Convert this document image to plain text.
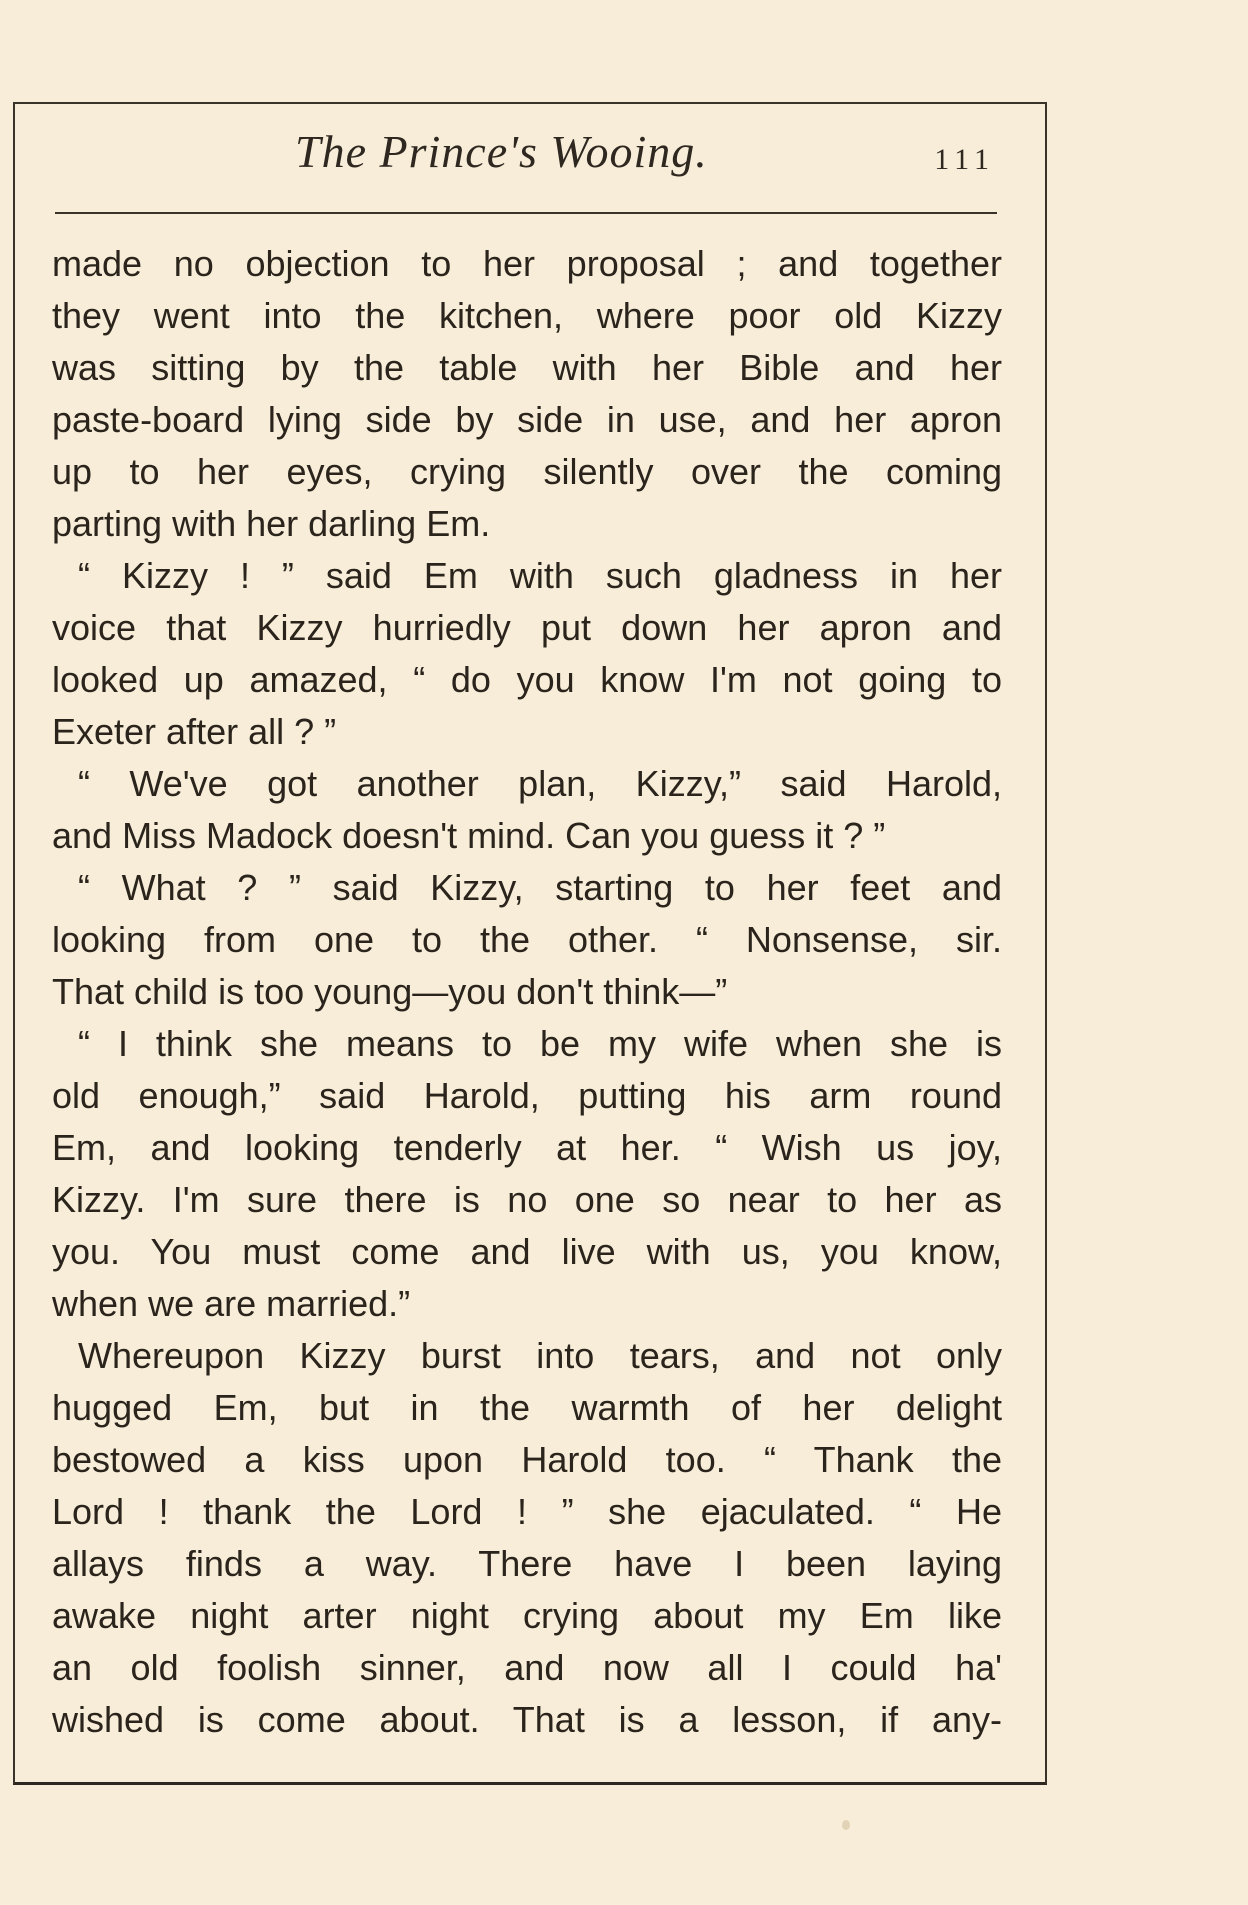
The Prince's Wooing.	111
made no objection to her proposal ; and together
they went into the kitchen, where poor old Kizzy
was sitting by the table with her Bible and her
paste-board lying side by side in use, and her apron
up to her eyes, crying silently over the coming
parting with her darling Em.
“ Kizzy ! ” said Em with such gladness in her
voice that Kizzy hurriedly put down her apron and
looked up amazed, “ do you know I'm not going to
Exeter after all ? ”
“ We've got another plan, Kizzy,” said Harold,
and Miss Madock doesn't mind. Can you guess it ? ”
“ What ? ” said Kizzy, starting to her feet and
looking from one to the other. “ Nonsense, sir.
That child is too young—you don't think—”
“ I think she means to be my wife when she is
old enough,” said Harold, putting his arm round
Em, and looking tenderly at her. “ Wish us joy,
Kizzy. I'm sure there is no one so near to her as
you. You must come and live with us, you know,
when we are married.”
Whereupon Kizzy burst into tears, and not only
hugged Em, but in the warmth of her delight
bestowed a kiss upon Harold too. “ Thank the
Lord ! thank the Lord ! ” she ejaculated. “ He
allays finds a way. There have I been laying
awake night arter night crying about my Em like
an old foolish sinner, and now all I could ha'
wished is come about. That is a lesson, if any-
